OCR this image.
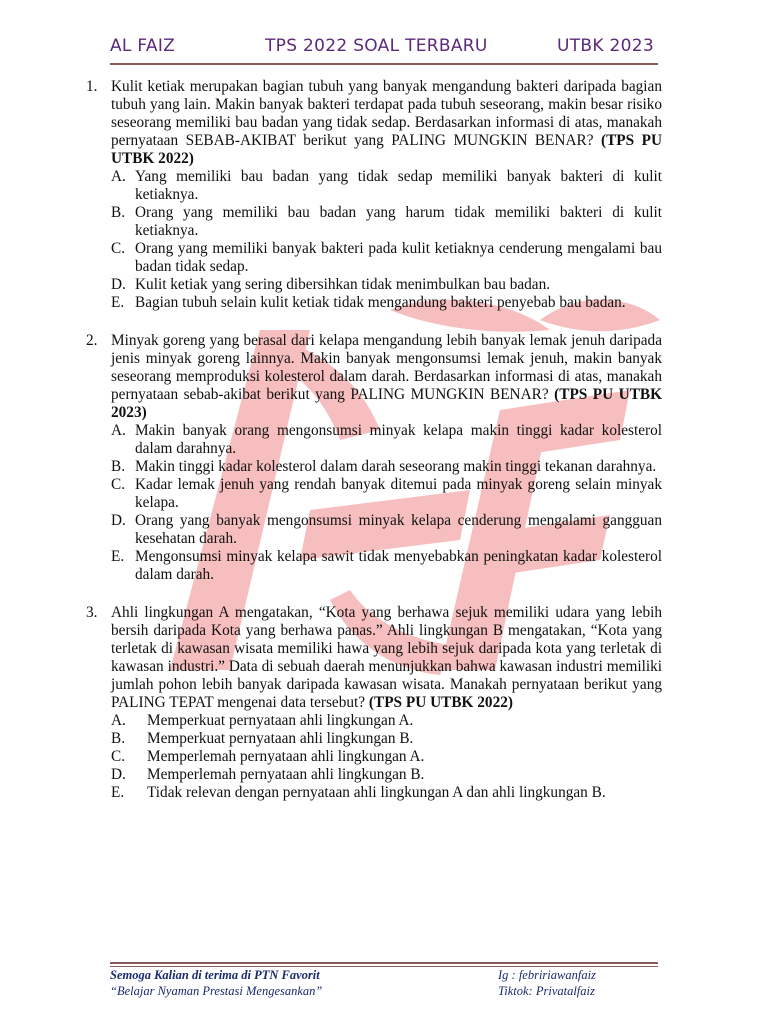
AL FAIZ	TPS 2022 SOAL TERBARU	UTBK 2023
1. Kulit ketiak merupakan bagian tubuh yang banyak mengandung bakteri daripada bagian tubuh yang lain. Makin banyak bakteri terdapat pada tubuh seseorang, makin besar risiko seseorang memiliki bau badan yang tidak sedap. Berdasarkan informasi di atas, manakah pernyataan SEBAB-AKIBAT berikut yang PALING MUNGKIN BENAR? (TPS PU UTBK 2022)
A. Yang memiliki bau badan yang tidak sedap memiliki banyak bakteri di kulit ketiaknya.
B. Orang yang memiliki bau badan yang harum tidak memiliki bakteri di kulit ketiaknya.
C. Orang yang memiliki banyak bakteri pada kulit ketiaknya cenderung mengalami bau badan tidak sedap.
D. Kulit ketiak yang sering dibersihkan tidak menimbulkan bau badan.
E. Bagian tubuh selain kulit ketiak tidak mengandung bakteri penyebab bau badan.
2. Minyak goreng yang berasal dari kelapa mengandung lebih banyak lemak jenuh daripada jenis minyak goreng lainnya. Makin banyak mengonsumsi lemak jenuh, makin banyak seseorang memproduksi kolesterol dalam darah. Berdasarkan informasi di atas, manakah pernyataan sebab-akibat berikut yang PALING MUNGKIN BENAR? (TPS PU UTBK 2023)
A. Makin banyak orang mengonsumsi minyak kelapa makin tinggi kadar kolesterol dalam darahnya.
B. Makin tinggi kadar kolesterol dalam darah seseorang makin tinggi tekanan darahnya.
C. Kadar lemak jenuh yang rendah banyak ditemui pada minyak goreng selain minyak kelapa.
D. Orang yang banyak mengonsumsi minyak kelapa cenderung mengalami gangguan kesehatan darah.
E. Mengonsumsi minyak kelapa sawit tidak menyebabkan peningkatan kadar kolesterol dalam darah.
3. Ahli lingkungan A mengatakan, “Kota yang berhawa sejuk memiliki udara yang lebih bersih daripada Kota yang berhawa panas.” Ahli lingkungan B mengatakan, “Kota yang terletak di kawasan wisata memiliki hawa yang lebih sejuk daripada kota yang terletak di kawasan industri.” Data di sebuah daerah menunjukkan bahwa kawasan industri memiliki jumlah pohon lebih banyak daripada kawasan wisata. Manakah pernyataan berikut yang PALING TEPAT mengenai data tersebut? (TPS PU UTBK 2022)
A. Memperkuat pernyataan ahli lingkungan A.
B. Memperkuat pernyataan ahli lingkungan B.
C. Memperlemah pernyataan ahli lingkungan A.
D. Memperlemah pernyataan ahli lingkungan B.
E. Tidak relevan dengan pernyataan ahli lingkungan A dan ahli lingkungan B.
Semoga Kalian di terima di PTN Favorit
“Belajar Nyaman Prestasi Mengesankan”
Ig : febririawanfaiz
Tiktok: Privatalfaiz
